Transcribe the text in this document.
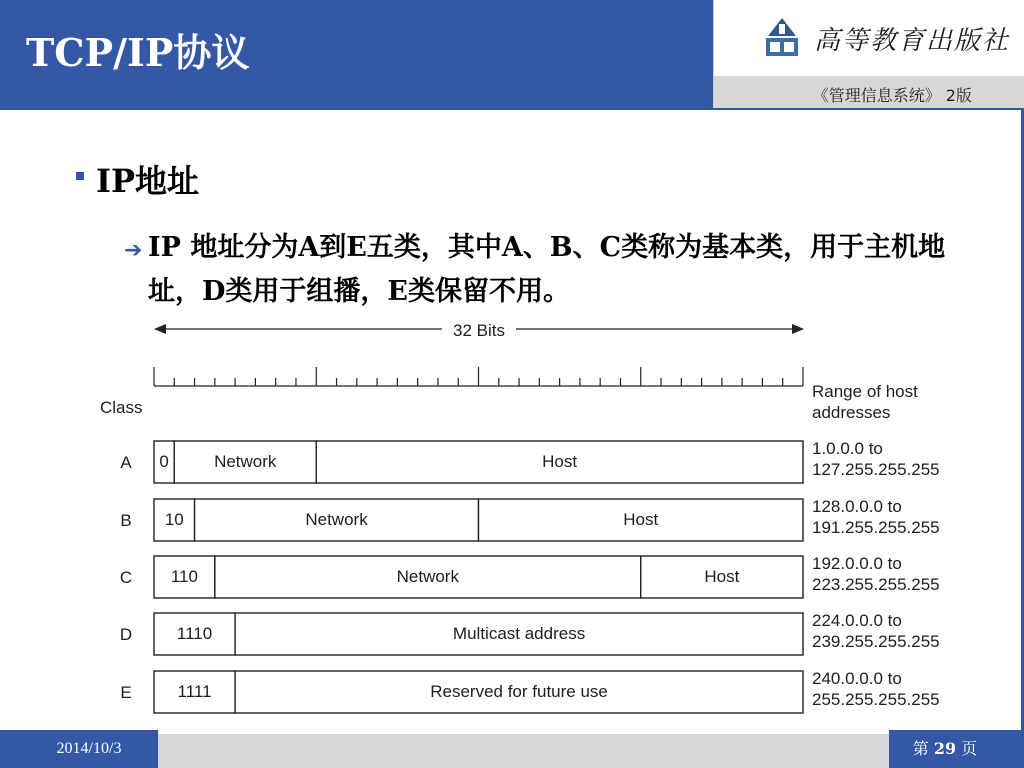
TCP/IP协议	高等教育出版社
《管理信息系统》 2版
IP地址
➔ IP 地址分为A到E五类，其中A、B、C类称为基本类，用于主机地址，D类用于组播，E类保留不用。
32 Bits
Class
Range of host
addresses
A 0	Network	Host
1.0.0.0 to
127.255.255.255
B 10	Network	Host
128.0.0.0 to
191.255.255.255
C 110	Network	Host
192.0.0.0 to
223.255.255.255
D	1110	Multicast address
224.0.0.0 to
239.255.255.255
E	1111	Reserved for future use
240.0.0.0 to
255.255.255.255
2014/10/3	第 29 页
